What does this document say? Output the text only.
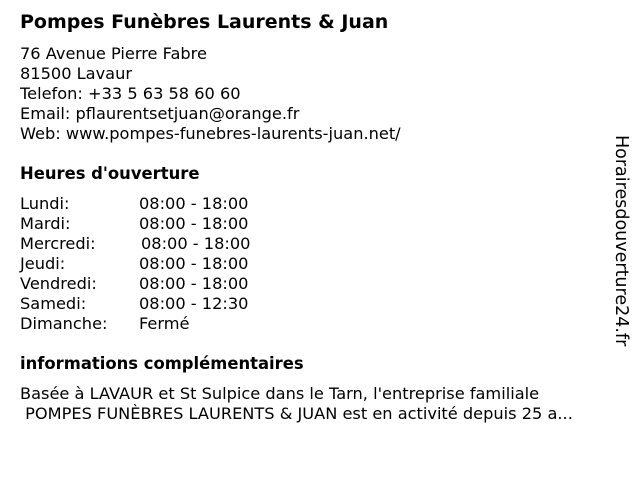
Pompes Funèbres Laurents & Juan
76 Avenue Pierre Fabre
81500 Lavaur
Telefon: +33 5 63 58 60 60
Email: pflaurentsetjuan@orange.fr
Web: www.pompes-funebres-laurents-juan.net/
Heures d'ouverture
Lundi:	08:00 - 18:00
Mardi:	08:00 - 18:00
Mercredi:	08:00 - 18:00
Jeudi:	08:00 - 18:00
Vendredi:	08:00 - 18:00
Samedi:	08:00 - 12:30
Dimanche: Fermé
informations complémentaires
Basée à LAVAUR et St Sulpice dans le Tarn, l'entreprise familiale
POMPES FUNÈBRES LAURENTS & JUAN est en activité depuis 25 a...
Horairesdouverture24.fr
